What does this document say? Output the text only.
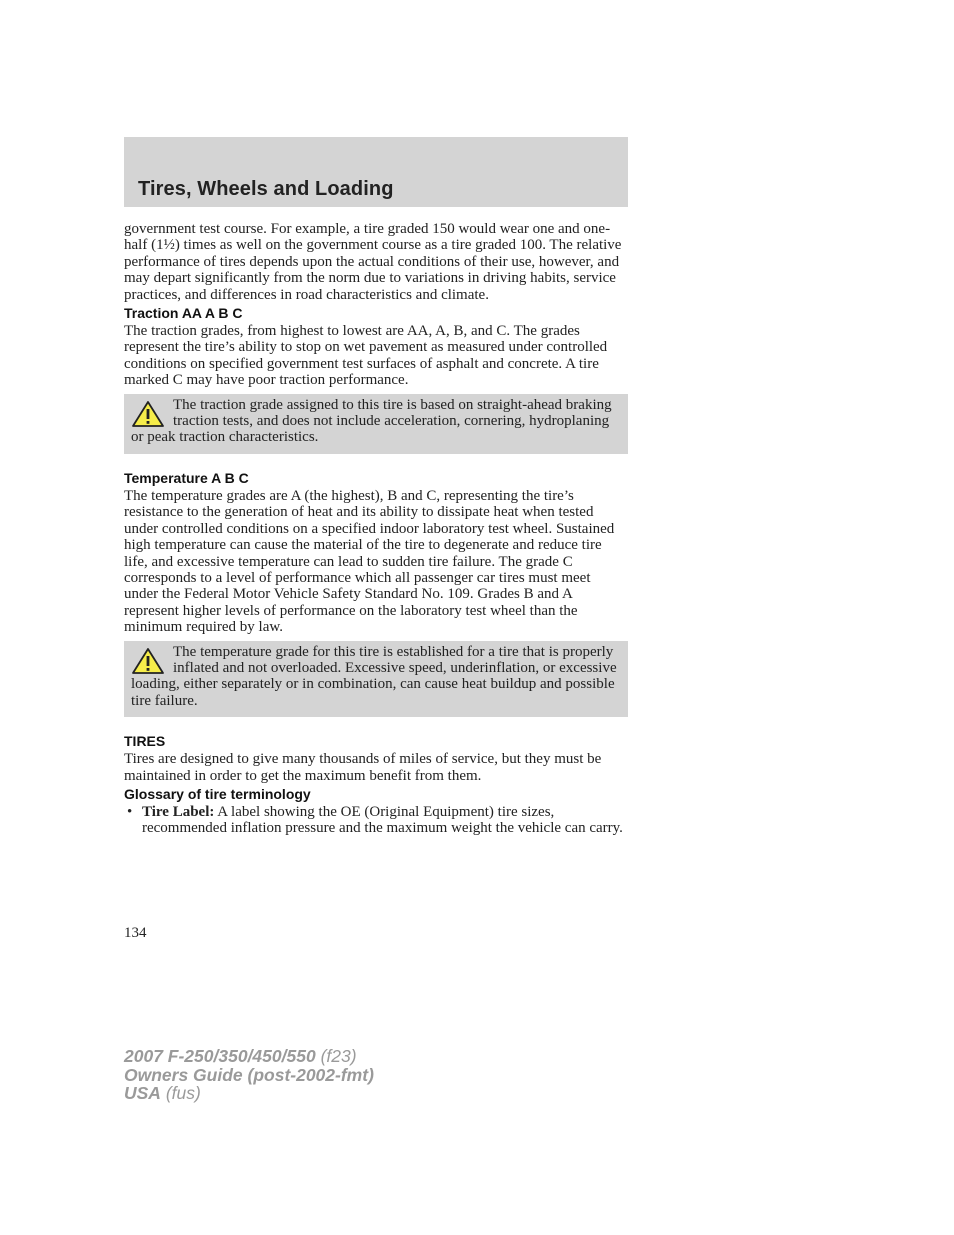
Tires, Wheels and Loading

government test course. For example, a tire graded 150 would wear one and one-half (1½) times as well on the government course as a tire graded 100. The relative performance of tires depends upon the actual conditions of their use, however, and may depart significantly from the norm due to variations in driving habits, service practices, and differences in road characteristics and climate.

Traction AA A B C

The traction grades, from highest to lowest are AA, A, B, and C. The grades represent the tire’s ability to stop on wet pavement as measured under controlled conditions on specified government test surfaces of asphalt and concrete. A tire marked C may have poor traction performance.

The traction grade assigned to this tire is based on straight-ahead braking traction tests, and does not include acceleration, cornering, hydroplaning or peak traction characteristics.

Temperature A B C

The temperature grades are A (the highest), B and C, representing the tire’s resistance to the generation of heat and its ability to dissipate heat when tested under controlled conditions on a specified indoor laboratory test wheel. Sustained high temperature can cause the material of the tire to degenerate and reduce tire life, and excessive temperature can lead to sudden tire failure. The grade C corresponds to a level of performance which all passenger car tires must meet under the Federal Motor Vehicle Safety Standard No. 109. Grades B and A represent higher levels of performance on the laboratory test wheel than the minimum required by law.

The temperature grade for this tire is established for a tire that is properly inflated and not overloaded. Excessive speed, underinflation, or excessive loading, either separately or in combination, can cause heat buildup and possible tire failure.

TIRES

Tires are designed to give many thousands of miles of service, but they must be maintained in order to get the maximum benefit from them.

Glossary of tire terminology
• Tire Label: A label showing the OE (Original Equipment) tire sizes, recommended inflation pressure and the maximum weight the vehicle can carry.
134
2007 F-250/350/450/550 (f23)
Owners Guide (post-2002-fmt)
USA (fus)
